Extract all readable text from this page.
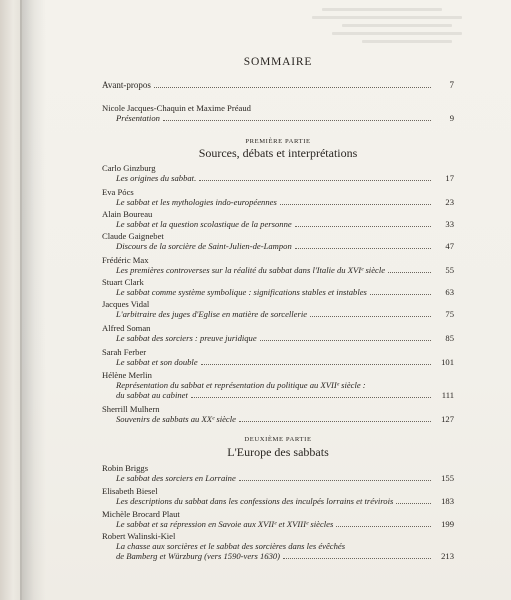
SOMMAIRE
Avant-propos	7
Nicole Jacques-Chaquin et Maxime Préaud
Présentation	9
PREMIÈRE PARTIE
Sources, débats et interprétations
Carlo Ginzburg
Les origines du sabbat.	17
Eva Pócs
Le sabbat et les mythologies indo-européennes	23
Alain Boureau
Le sabbat et la question scolastique de la personne	33
Claude Gaignebet
Discours de la sorcière de Saint-Julien-de-Lampon	47
Frédéric Max
Les premières controverses sur la réalité du sabbat dans l'Italie du XVIᵉ siècle	55
Stuart Clark
Le sabbat comme système symbolique : significations stables et instables	63
Jacques Vidal
L'arbitraire des juges d'Eglise en matière de sorcellerie	75
Alfred Soman
Le sabbat des sorciers : preuve juridique	85
Sarah Ferber
Le sabbat et son double	101
Hélène Merlin
Représentation du sabbat et représentation du politique au XVIIᵉ siècle :
du sabbat au cabinet	111
Sherrill Mulhern
Souvenirs de sabbats au XXᵉ siècle	127
DEUXIÈME PARTIE
L'Europe des sabbats
Robin Briggs
Le sabbat des sorciers en Lorraine	155
Elisabeth Biesel
Les descriptions du sabbat dans les confessions des inculpés lorrains et trévirois	183
Michèle Brocard Plaut
Le sabbat et sa répression en Savoie aux XVIIᵉ et XVIIIᵉ siècles	199
Robert Walinski-Kiel
La chasse aux sorcières et le sabbat des sorcières dans les évêchés
de Bamberg et Würzburg (vers 1590-vers 1630)	213
